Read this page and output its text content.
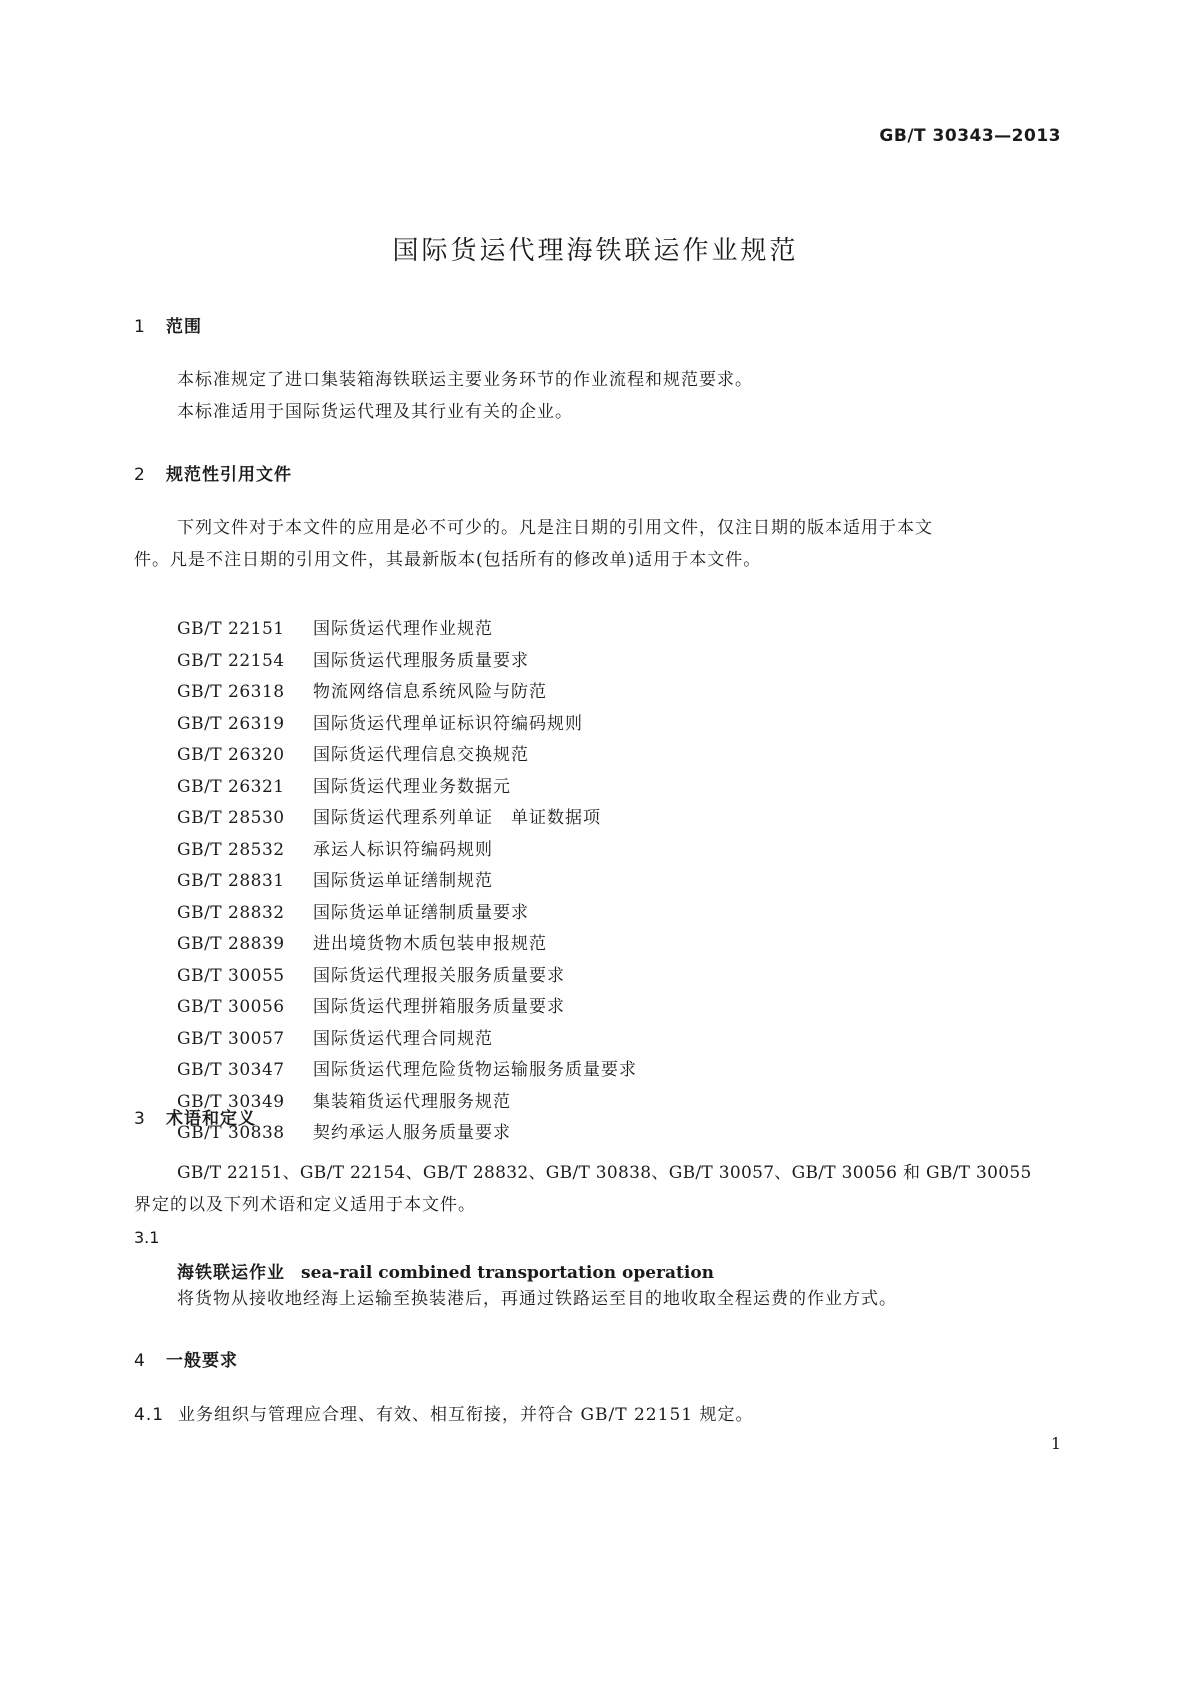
GB/T 30343—2013
国际货运代理海铁联运作业规范
1 范围
本标准规定了进口集装箱海铁联运主要业务环节的作业流程和规范要求。
本标准适用于国际货运代理及其行业有关的企业。
2 规范性引用文件
下列文件对于本文件的应用是必不可少的。凡是注日期的引用文件，仅注日期的版本适用于本文
件。凡是不注日期的引用文件，其最新版本(包括所有的修改单)适用于本文件。
GB/T 22151 国际货运代理作业规范
GB/T 22154 国际货运代理服务质量要求
GB/T 26318 物流网络信息系统风险与防范
GB/T 26319 国际货运代理单证标识符编码规则
GB/T 26320 国际货运代理信息交换规范
GB/T 26321 国际货运代理业务数据元
GB/T 28530 国际货运代理系列单证　单证数据项
GB/T 28532 承运人标识符编码规则
GB/T 28831 国际货运单证缮制规范
GB/T 28832 国际货运单证缮制质量要求
GB/T 28839 进出境货物木质包装申报规范
GB/T 30055 国际货运代理报关服务质量要求
GB/T 30056 国际货运代理拼箱服务质量要求
GB/T 30057 国际货运代理合同规范
GB/T 30347 国际货运代理危险货物运输服务质量要求
GB/T 30349 集装箱货运代理服务规范
GB/T 30838 契约承运人服务质量要求
3 术语和定义
GB/T 22151、GB/T 22154、GB/T 28832、GB/T 30838、GB/T 30057、GB/T 30056 和 GB/T 30055
界定的以及下列术语和定义适用于本文件。
3.1
海铁联运作业 sea-rail combined transportation operation
将货物从接收地经海上运输至换装港后，再通过铁路运至目的地收取全程运费的作业方式。
4 一般要求
4.1 业务组织与管理应合理、有效、相互衔接，并符合 GB/T 22151 规定。
1
